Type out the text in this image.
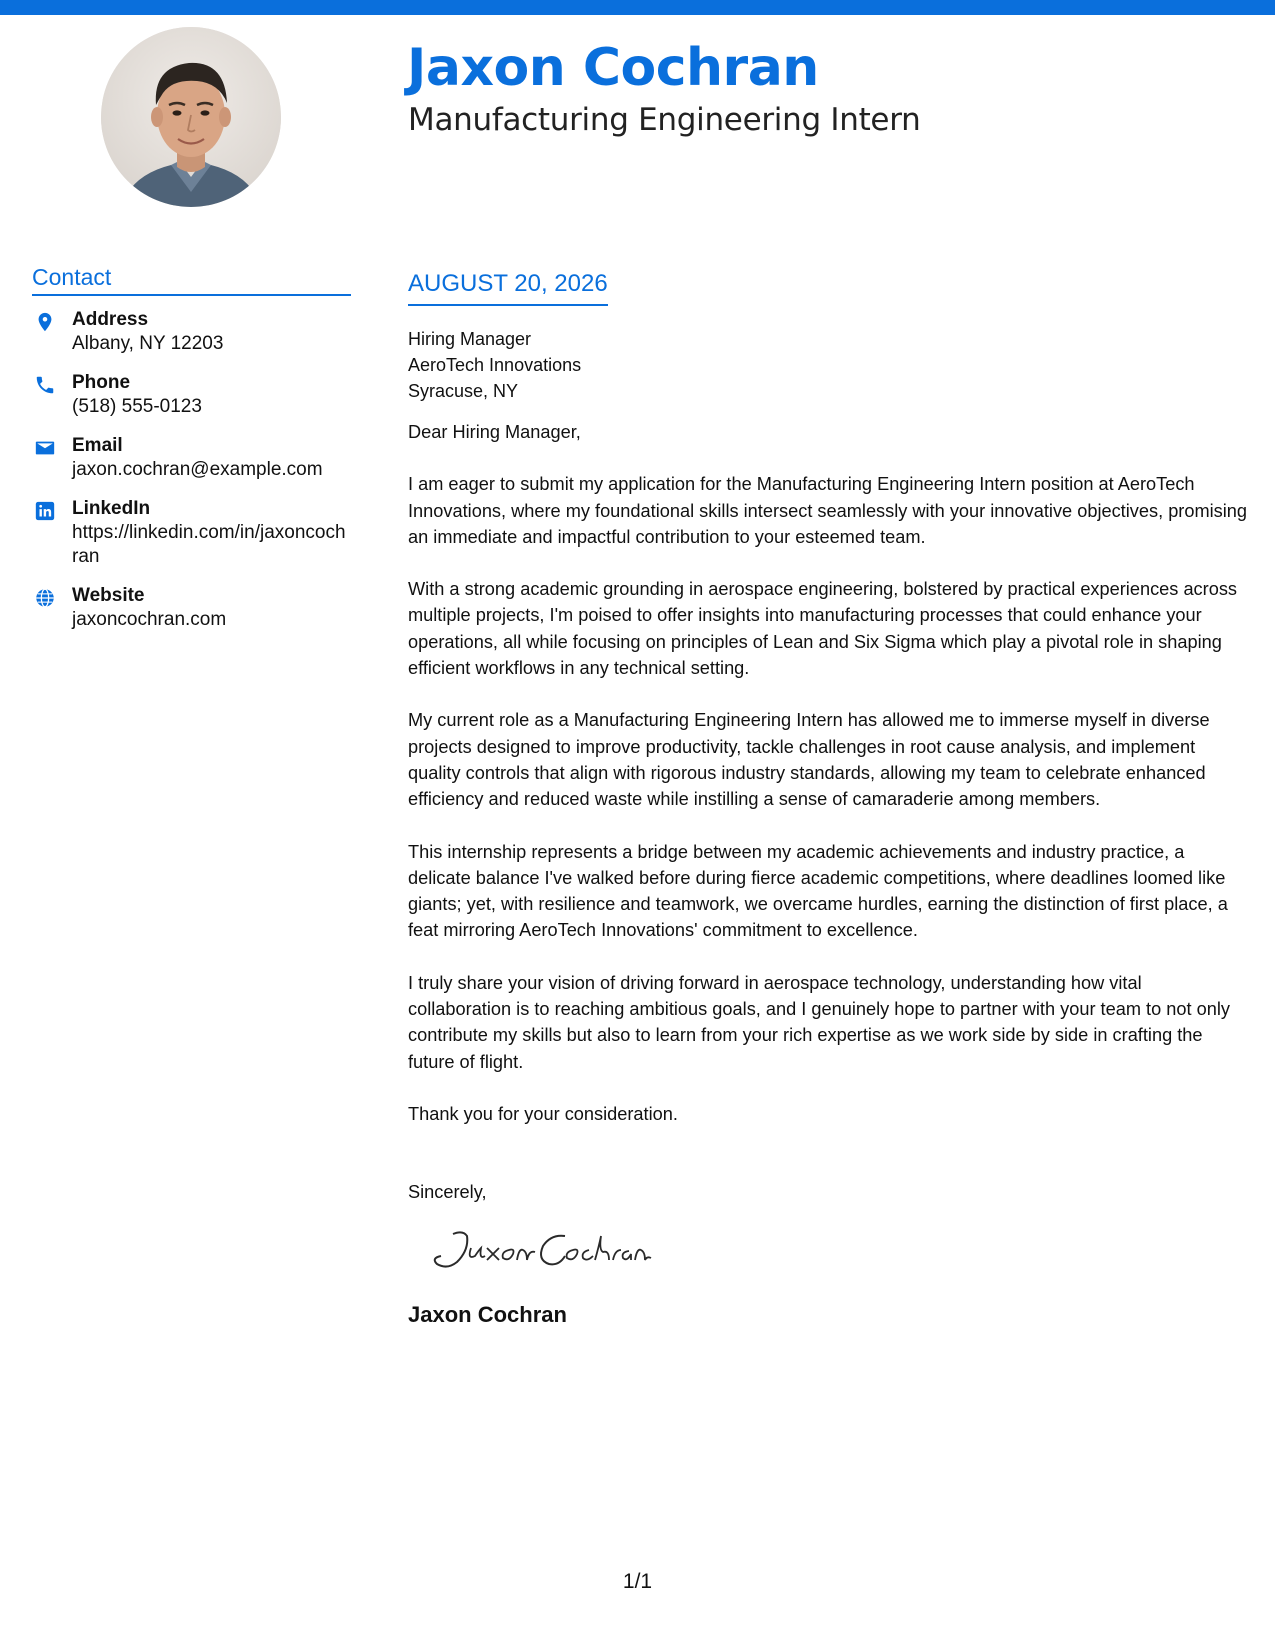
Jaxon Cochran
Manufacturing Engineering Intern
Contact
Address
Albany, NY 12203
Phone
(518) 555-0123
Email
jaxon.cochran@example.com
LinkedIn
https://linkedin.com/in/jaxoncochran
Website
jaxoncochran.com
AUGUST 20, 2026
Hiring Manager
AeroTech Innovations
Syracuse, NY

Dear Hiring Manager,

I am eager to submit my application for the Manufacturing Engineering Intern position at AeroTech Innovations, where my foundational skills intersect seamlessly with your innovative objectives, promising an immediate and impactful contribution to your esteemed team.

With a strong academic grounding in aerospace engineering, bolstered by practical experiences across multiple projects, I'm poised to offer insights into manufacturing processes that could enhance your operations, all while focusing on principles of Lean and Six Sigma which play a pivotal role in shaping efficient workflows in any technical setting.

My current role as a Manufacturing Engineering Intern has allowed me to immerse myself in diverse projects designed to improve productivity, tackle challenges in root cause analysis, and implement quality controls that align with rigorous industry standards, allowing my team to celebrate enhanced efficiency and reduced waste while instilling a sense of camaraderie among members.

This internship represents a bridge between my academic achievements and industry practice, a delicate balance I've walked before during fierce academic competitions, where deadlines loomed like giants; yet, with resilience and teamwork, we overcame hurdles, earning the distinction of first place, a feat mirroring AeroTech Innovations' commitment to excellence.

I truly share your vision of driving forward in aerospace technology, understanding how vital collaboration is to reaching ambitious goals, and I genuinely hope to partner with your team to not only contribute my skills but also to learn from your rich expertise as we work side by side in crafting the future of flight.

Thank you for your consideration.

Sincerely,

Jaxon Cochran
1/1
